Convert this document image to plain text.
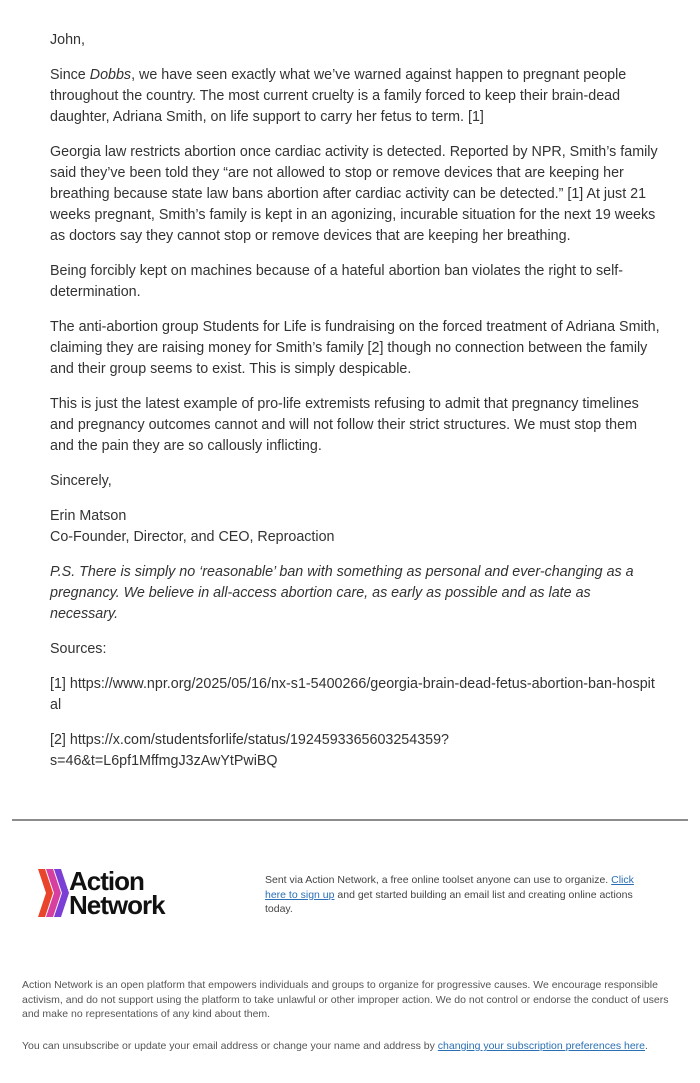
John,

Since Dobbs, we have seen exactly what we’ve warned against happen to pregnant people throughout the country. The most current cruelty is a family forced to keep their brain-dead daughter, Adriana Smith, on life support to carry her fetus to term. [1]

Georgia law restricts abortion once cardiac activity is detected. Reported by NPR, Smith’s family said they’ve been told they “are not allowed to stop or remove devices that are keeping her breathing because state law bans abortion after cardiac activity can be detected.” [1] At just 21 weeks pregnant, Smith’s family is kept in an agonizing, incurable situation for the next 19 weeks as doctors say they cannot stop or remove devices that are keeping her breathing.

Being forcibly kept on machines because of a hateful abortion ban violates the right to self-determination.

The anti-abortion group Students for Life is fundraising on the forced treatment of Adriana Smith, claiming they are raising money for Smith’s family [2] though no connection between the family and their group seems to exist. This is simply despicable.

This is just the latest example of pro-life extremists refusing to admit that pregnancy timelines and pregnancy outcomes cannot and will not follow their strict structures. We must stop them and the pain they are so callously inflicting.

Sincerely,

Erin Matson
Co-Founder, Director, and CEO, Reproaction

P.S. There is simply no ‘reasonable’ ban with something as personal and ever-changing as a pregnancy. We believe in all-access abortion care, as early as possible and as late as necessary.

Sources:

[1] https://www.npr.org/2025/05/16/nx-s1-5400266/georgia-brain-dead-fetus-abortion-ban-hospital

[2] https://x.com/studentsforlife/status/1924593365603254359?
s=46&t=L6pf1MffmgJ3zAwYtPwiBQ

Action
Network
Sent via Action Network, a free online toolset anyone can use to organize. Click here to sign up and get started building an email list and creating online actions today.
Action Network is an open platform that empowers individuals and groups to organize for progressive causes. We encourage responsible activism, and do not support using the platform to take unlawful or other improper action. We do not control or endorse the conduct of users and make no representations of any kind about them.
You can unsubscribe or update your email address or change your name and address by changing your subscription preferences here.
